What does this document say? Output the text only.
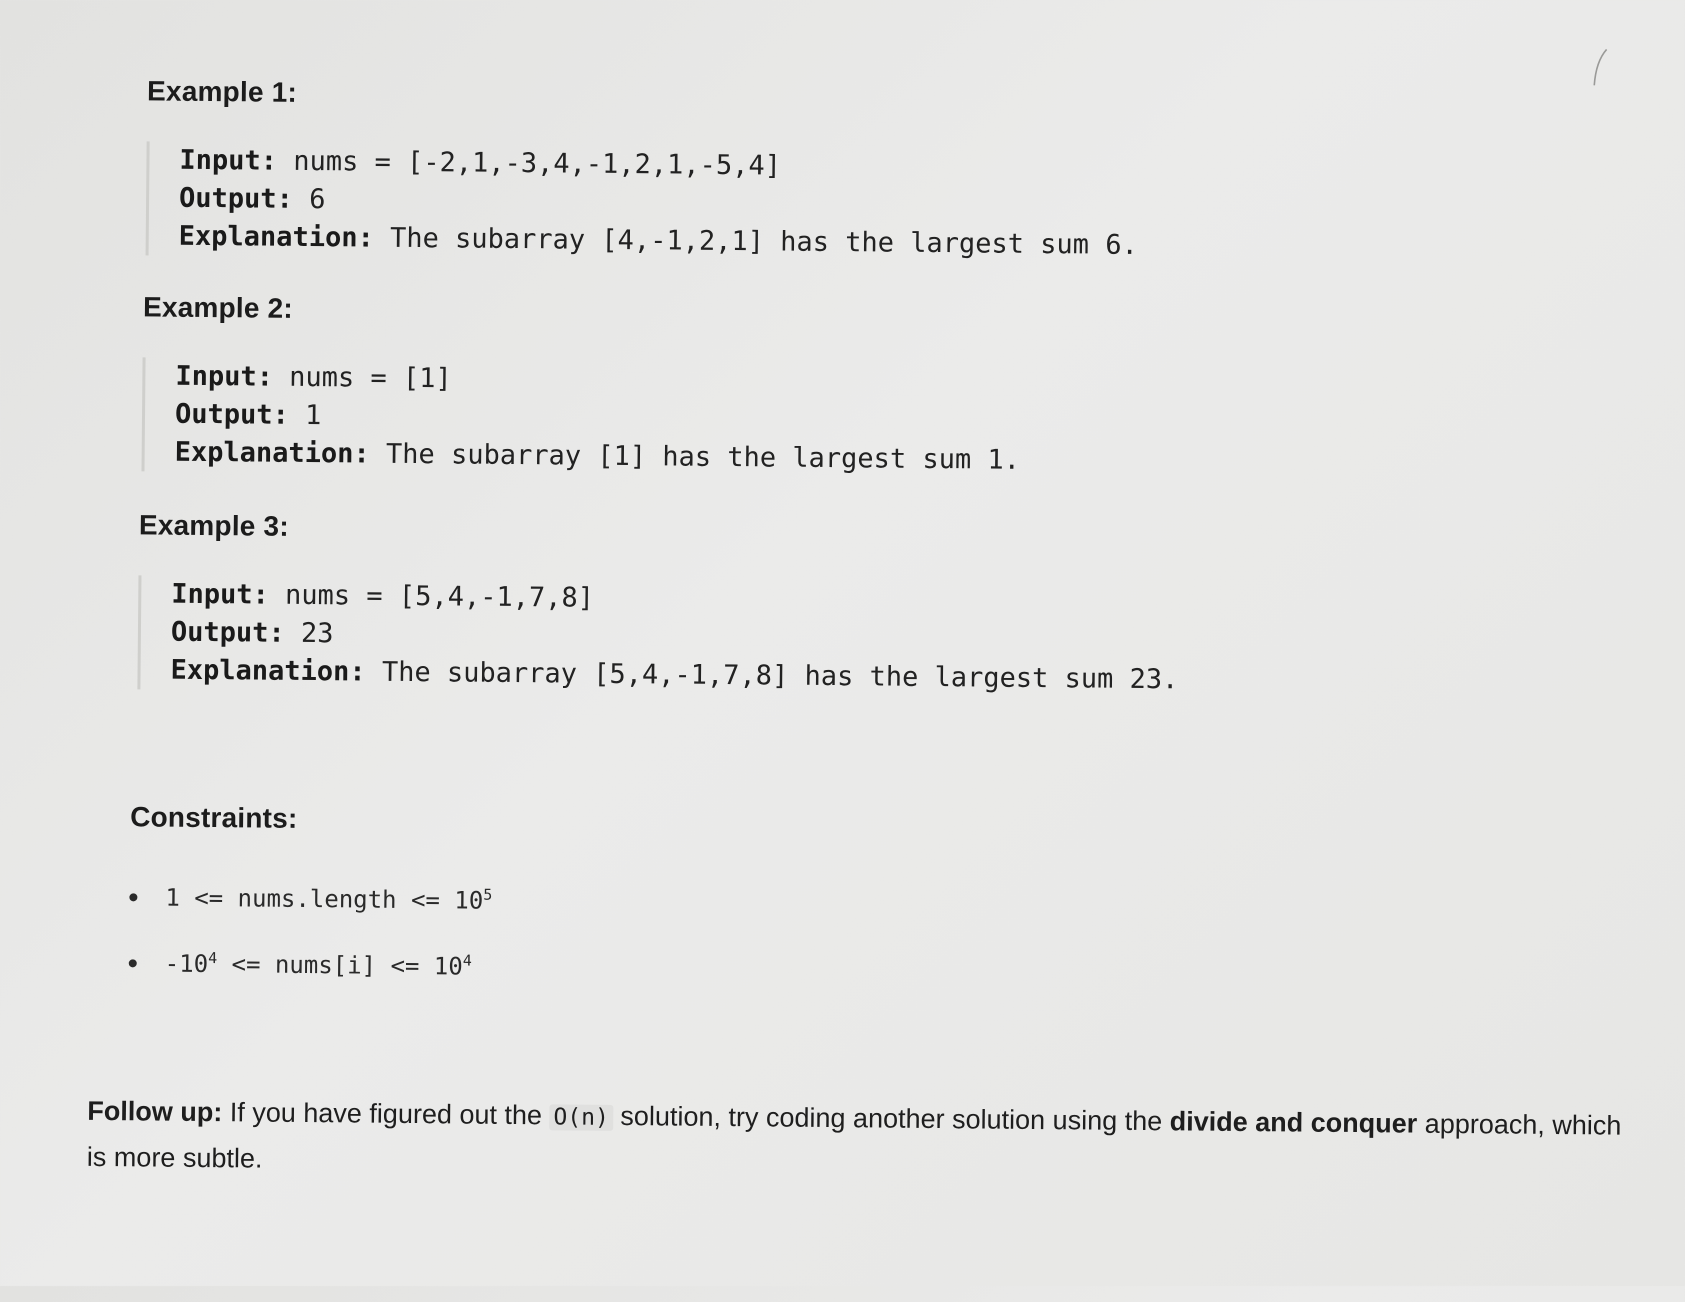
Example 1:
Input: nums = [-2,1,-3,4,-1,2,1,-5,4]
Output: 6
Explanation: The subarray [4,-1,2,1] has the largest sum 6.
Example 2:
Input: nums = [1]
Output: 1
Explanation: The subarray [1] has the largest sum 1.
Example 3:
Input: nums = [5,4,-1,7,8]
Output: 23
Explanation: The subarray [5,4,-1,7,8] has the largest sum 23.
Constraints:
1 <= nums.length <= $10^5$
$-10^4$ <= nums[i] <= $10^4$
Follow up: If you have figured out the O(n) solution, try coding another solution using the divide and conquer approach, which is more subtle.
